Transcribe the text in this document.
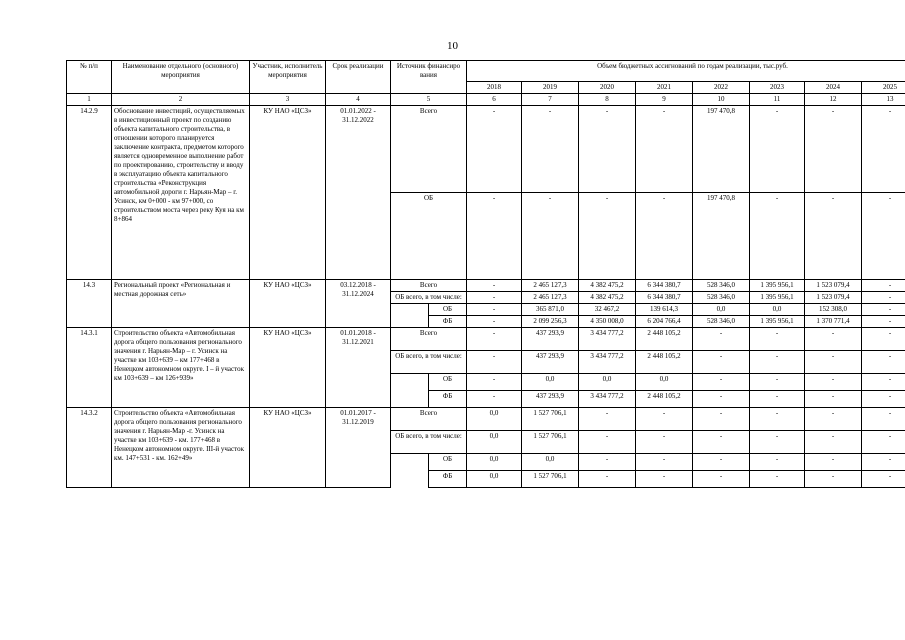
10
№ п/п	Наименование отдельного (основного) мероприятия	Участник, исполнитель мероприятия	Срок реализации	Источник финансиро вания		Объем бюджетных ассигнований по годам реализации, тыс.руб.							
						2018	2019	2020	2021	2022	2023	2024	2025
1	2	3	4	5		6	7	8	9	10	11	12	13
14.2.9	Обоснование инвестиций, осуществляемых в инвестиционный проект по созданию объекта капитального строительства, в отношении которого планируется заключение контракта, предметом которого является одновременное выполнение работ по проектированию, строительству и вводу в эксплуатацию объекта капитального строительства «Реконструкция автомобильной дороги г. Нарьян-Мар – г. Усинск, км 0+000 - км 97+000, со строительством моста через реку Куя на км 8+864	КУ НАО «ЦСЗ»	01.01.2022 - 31.12.2022	Всего		-	-	-	-	197 470,8	-	-	-
				ОБ		-	-	-	-	197 470,8	-	-	-
14.3	Региональный проект «Региональная и местная дорожная сеть»	КУ НАО «ЦСЗ»	03.12.2018 - 31.12.2024	Всего		-	2 465 127,3	4 382 475,2	6 344 380,7	528 346,0	1 395 956,1	1 523 079,4	-
				ОБ всего, в том числе:		-	2 465 127,3	4 382 475,2	6 344 380,7	528 346,0	1 395 956,1	1 523 079,4	-
					ОБ	-	365 871,0	32 467,2	139 614,3	0,0	0,0	152 308,0	-
					ФБ	-	2 099 256,3	4 350 008,0	6 204 766,4	528 346,0	1 395 956,1	1 370 771,4	-
14.3.1	Строительство объекта «Автомобильная дорога общего пользования регионального значения г. Нарьян-Мар – г. Усинск на участке км 103+639 – км 177+468 в Ненецком автономном округе. I – й участок км 103+639 – км 126+939»	КУ НАО «ЦСЗ»	01.01.2018 - 31.12.2021	Всего		-	437 293,9	3 434 777,2	2 448 105,2	-	-	-	-
				ОБ всего, в том числе:		-	437 293,9	3 434 777,2	2 448 105,2	-	-	-	-
					ОБ	-	0,0	0,0	0,0	-	-	-	-
					ФБ	-	437 293,9	3 434 777,2	2 448 105,2	-	-	-	-
14.3.2	Строительство объекта «Автомобильная дорога общего пользования регионального значения г. Нарьян-Мар -г. Усинск на участке км 103+639 - км. 177+468 в Ненецком автономном округе. III-й участок км. 147+531 - км. 162+49»	КУ НАО «ЦСЗ»	01.01.2017 - 31.12.2019	Всего		0,0	1 527 706,1	-	-	-	-	-	-
				ОБ всего, в том числе:		0,0	1 527 706,1	-	-	-	-	-	-
					ОБ	0,0	0,0	-	-	-	-	-	-
					ФБ	0,0	1 527 706,1	-	-	-	-	-	-
